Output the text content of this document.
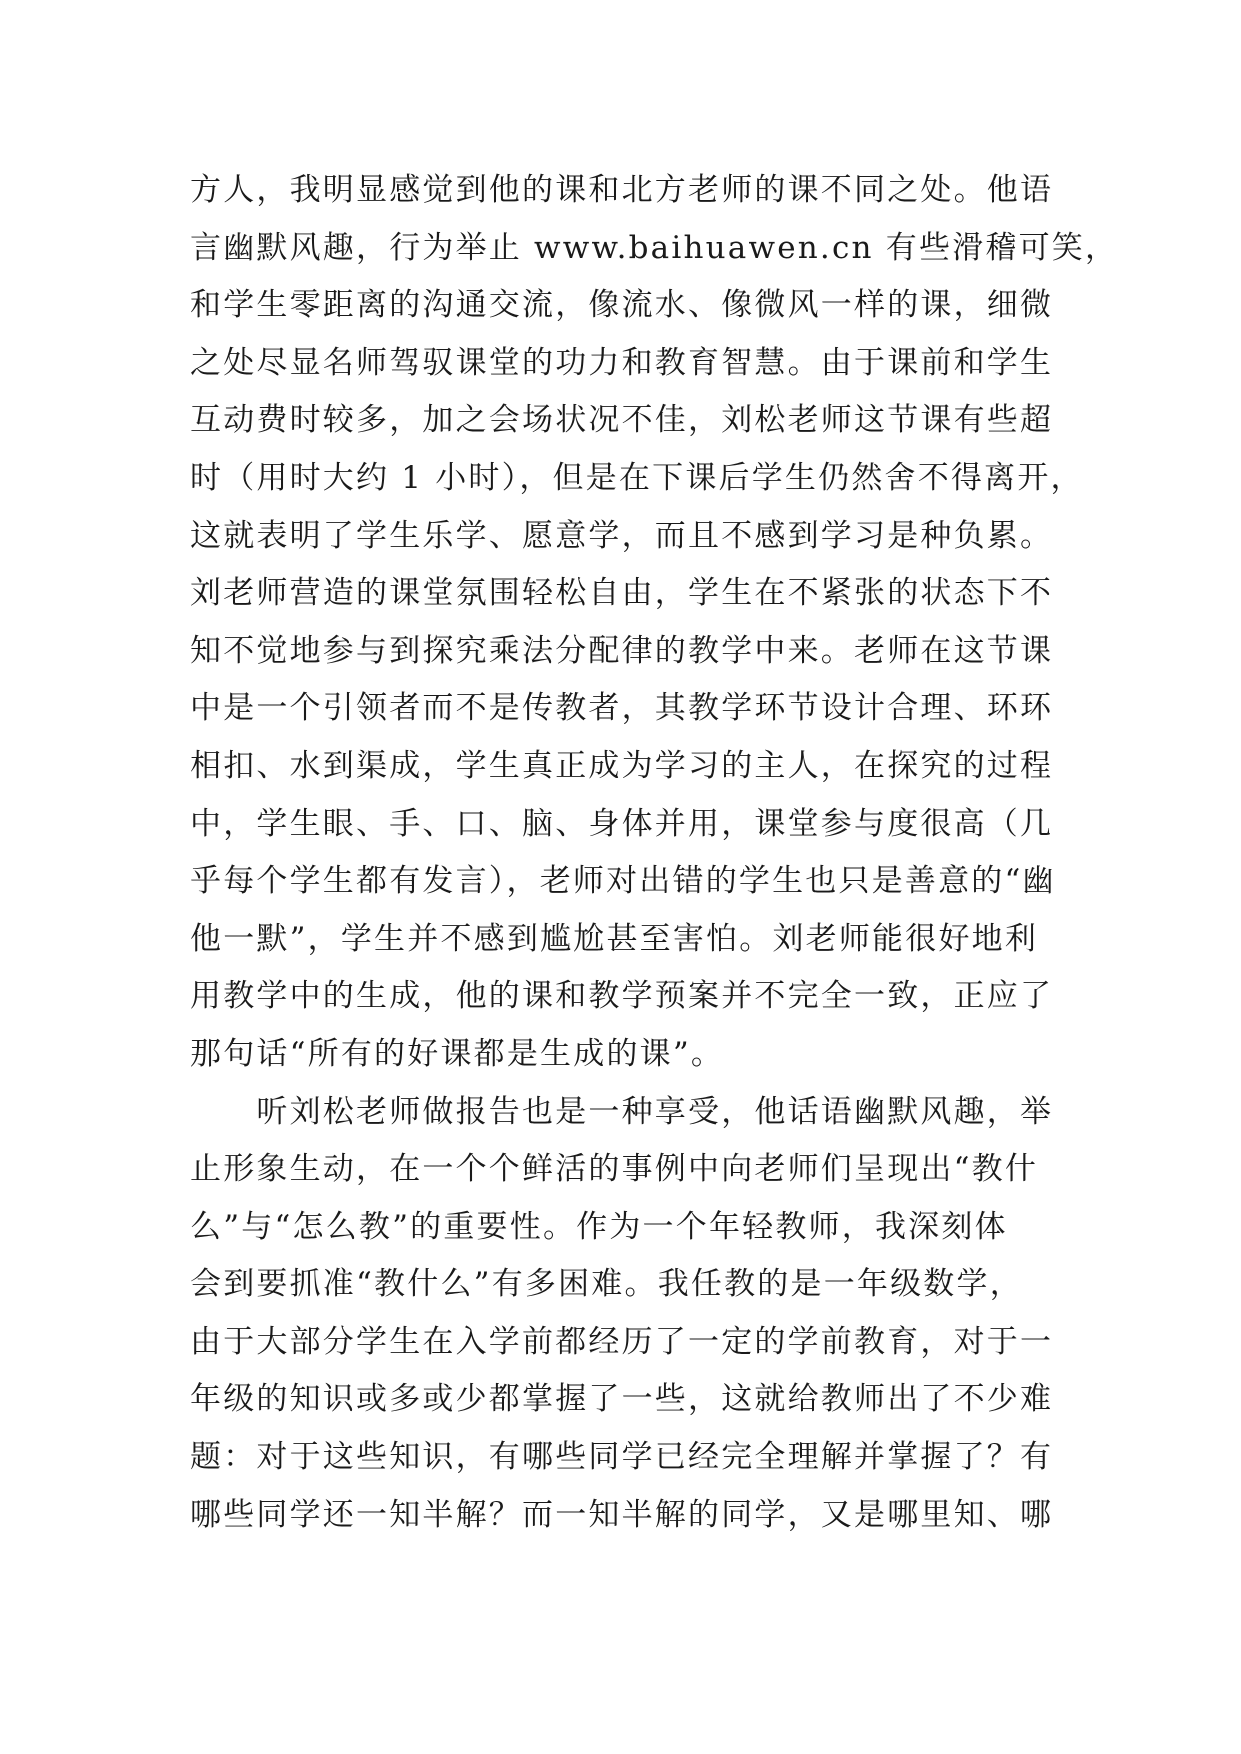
方人，我明显感觉到他的课和北方老师的课不同之处。他语
言幽默风趣，行为举止 www.baihuawen.cn 有些滑稽可笑，
和学生零距离的沟通交流，像流水、像微风一样的课，细微
之处尽显名师驾驭课堂的功力和教育智慧。由于课前和学生
互动费时较多，加之会场状况不佳，刘松老师这节课有些超
时（用时大约 1 小时），但是在下课后学生仍然舍不得离开，
这就表明了学生乐学、愿意学，而且不感到学习是种负累。
刘老师营造的课堂氛围轻松自由，学生在不紧张的状态下不
知不觉地参与到探究乘法分配律的教学中来。老师在这节课
中是一个引领者而不是传教者，其教学环节设计合理、环环
相扣、水到渠成，学生真正成为学习的主人，在探究的过程
中，学生眼、手、口、脑、身体并用，课堂参与度很高（几
乎每个学生都有发言），老师对出错的学生也只是善意的“幽
他一默”，学生并不感到尴尬甚至害怕。刘老师能很好地利
用教学中的生成，他的课和教学预案并不完全一致，正应了
那句话“所有的好课都是生成的课”。
　　听刘松老师做报告也是一种享受，他话语幽默风趣，举
止形象生动，在一个个鲜活的事例中向老师们呈现出“教什
么”与“怎么教”的重要性。作为一个年轻教师，我深刻体
会到要抓准“教什么”有多困难。我任教的是一年级数学，
由于大部分学生在入学前都经历了一定的学前教育，对于一
年级的知识或多或少都掌握了一些，这就给教师出了不少难
题：对于这些知识，有哪些同学已经完全理解并掌握了？有
哪些同学还一知半解？而一知半解的同学，又是哪里知、哪
